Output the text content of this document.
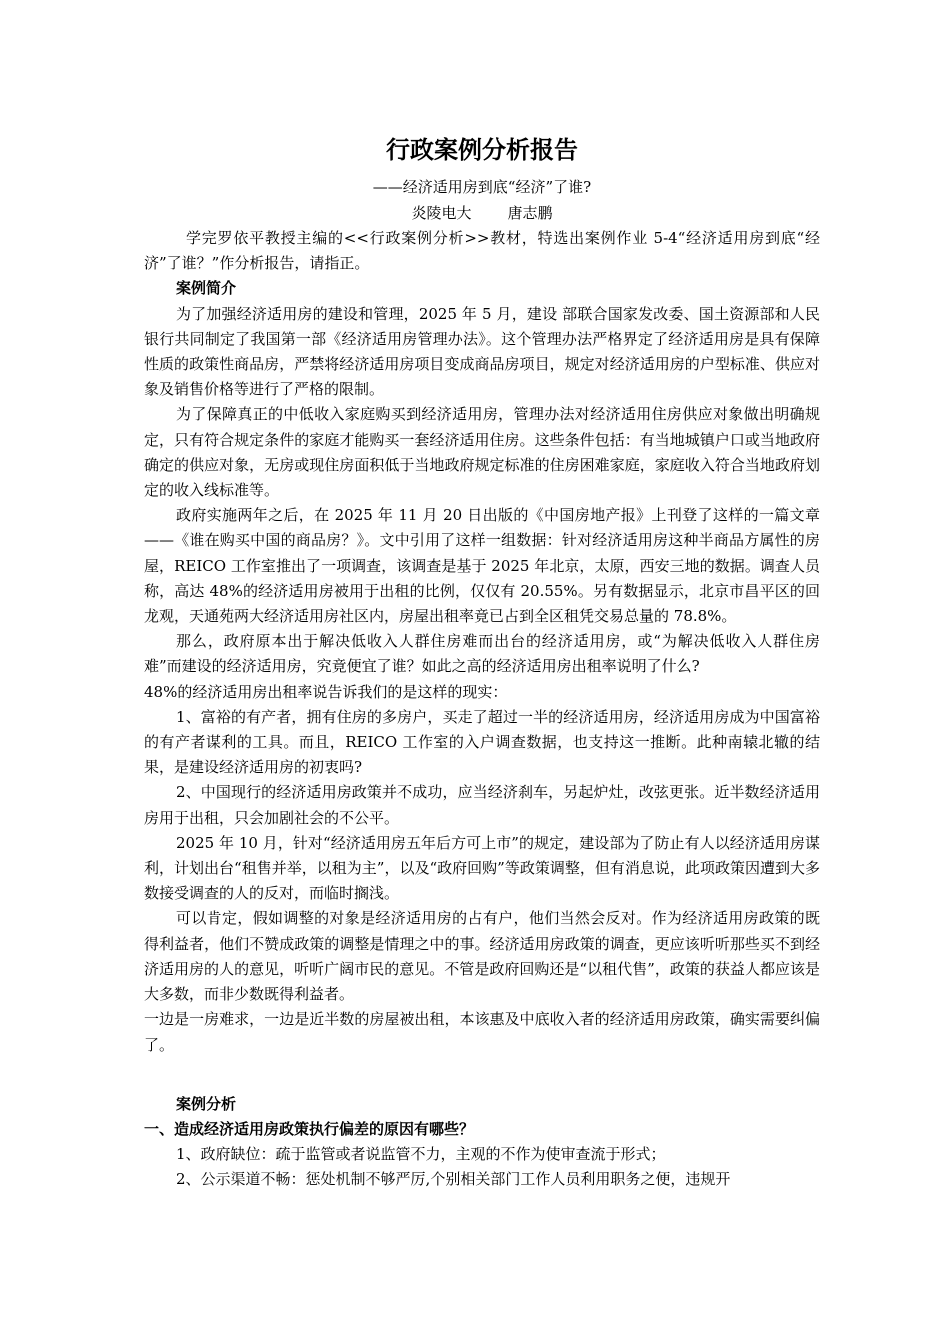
行政案例分析报告

——经济适用房到底“经济”了谁?

炎陵电大 唐志鹏

学完罗依平教授主编的<<行政案例分析>>教材，特选出案例作业 5-4“经济适用房到底“经济”了谁？”作分析报告，请指正。

案例简介

为了加强经济适用房的建设和管理，2025 年 5 月，建设 部联合国家发改委、国土资源部和人民银行共同制定了我国第一部《经济适用房管理办法》。这个管理办法严格界定了经济适用房是具有保障性质的政策性商品房，严禁将经济适用房项目变成商品房项目，规定对经济适用房的户型标准、供应对象及销售价格等进行了严格的限制。

为了保障真正的中低收入家庭购买到经济适用房，管理办法对经济适用住房供应对象做出明确规定，只有符合规定条件的家庭才能购买一套经济适用住房。这些条件包括：有当地城镇户口或当地政府确定的供应对象，无房或现住房面积低于当地政府规定标准的住房困难家庭，家庭收入符合当地政府划定的收入线标准等。

政府实施两年之后，在 2025 年 11 月 20 日出版的《中国房地产报》上刊登了这样的一篇文章——《谁在购买中国的商品房？》。文中引用了这样一组数据：针对经济适用房这种半商品方属性的房屋，REICO 工作室推出了一项调查，该调查是基于 2025 年北京，太原，西安三地的数据。调查人员称，高达 48%的经济适用房被用于出租的比例，仅仅有 20.55%。另有数据显示，北京市昌平区的回龙观，天通苑两大经济适用房社区内，房屋出租率竟已占到全区租凭交易总量的 78.8%。

那么，政府原本出于解决低收入人群住房难而出台的经济适用房，或“为解决低收入人群住房难”而建设的经济适用房，究竟便宜了谁？如此之高的经济适用房出租率说明了什么?

48%的经济适用房出租率说告诉我们的是这样的现实：

1、富裕的有产者，拥有住房的多房户，买走了超过一半的经济适用房，经济适用房成为中国富裕的有产者谋利的工具。而且，REICO 工作室的入户调查数据，也支持这一推断。此种南辕北辙的结果，是建设经济适用房的初衷吗?

2、中国现行的经济适用房政策并不成功，应当经济刹车，另起炉灶，改弦更张。近半数经济适用房用于出租，只会加剧社会的不公平。

2025 年 10 月，针对“经济适用房五年后方可上市”的规定，建设部为了防止有人以经济适用房谋利，计划出台“租售并举，以租为主”，以及“政府回购”等政策调整，但有消息说，此项政策因遭到大多数接受调查的人的反对，而临时搁浅。

可以肯定，假如调整的对象是经济适用房的占有户，他们当然会反对。作为经济适用房政策的既得利益者，他们不赞成政策的调整是情理之中的事。经济适用房政策的调查，更应该听听那些买不到经济适用房的人的意见，听听广阔市民的意见。不管是政府回购还是“以租代售”，政策的获益人都应该是大多数，而非少数既得利益者。

一边是一房难求，一边是近半数的房屋被出租，本该惠及中底收入者的经济适用房政策，确实需要纠偏了。

案例分析

一、造成经济适用房政策执行偏差的原因有哪些？

1、政府缺位：疏于监管或者说监管不力，主观的不作为使审查流于形式；

2、公示渠道不畅：惩处机制不够严厉,个别相关部门工作人员利用职务之便，违规开
